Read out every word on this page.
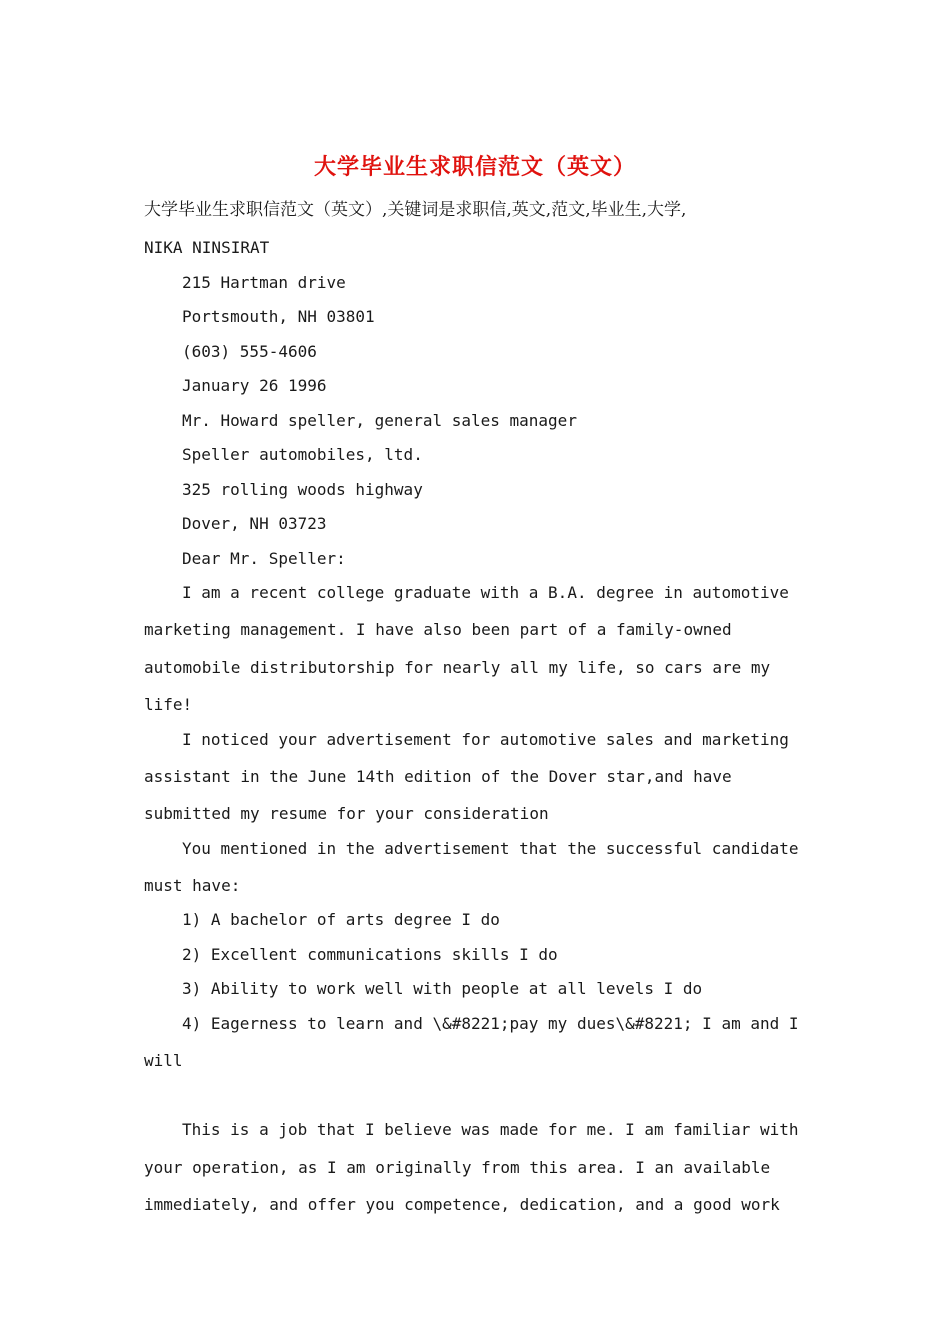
大学毕业生求职信范文（英文）
大学毕业生求职信范文（英文）,关键词是求职信,英文,范文,毕业生,大学,
NIKA NINSIRAT
215 Hartman drive
Portsmouth, NH 03801
(603) 555-4606
January 26 1996
Mr. Howard speller, general sales manager
Speller automobiles, ltd.
325 rolling woods highway
Dover, NH 03723
Dear Mr. Speller:
I am a recent college graduate with a B.A. degree in automotive
marketing management. I have also been part of a family-owned
automobile distributorship for nearly all my life, so cars are my
life!
I noticed your advertisement for automotive sales and marketing
assistant in the June 14th edition of the Dover star,and have
submitted my resume for your consideration
You mentioned in the advertisement that the successful candidate
must have:
1) A bachelor of arts degree I do
2) Excellent communications skills I do
3) Ability to work well with people at all levels I do
4) Eagerness to learn and \&#8221;pay my dues\&#8221; I am and I
will
This is a job that I believe was made for me. I am familiar with
your operation, as I am originally from this area. I an available
immediately, and offer you competence, dedication, and a good work
